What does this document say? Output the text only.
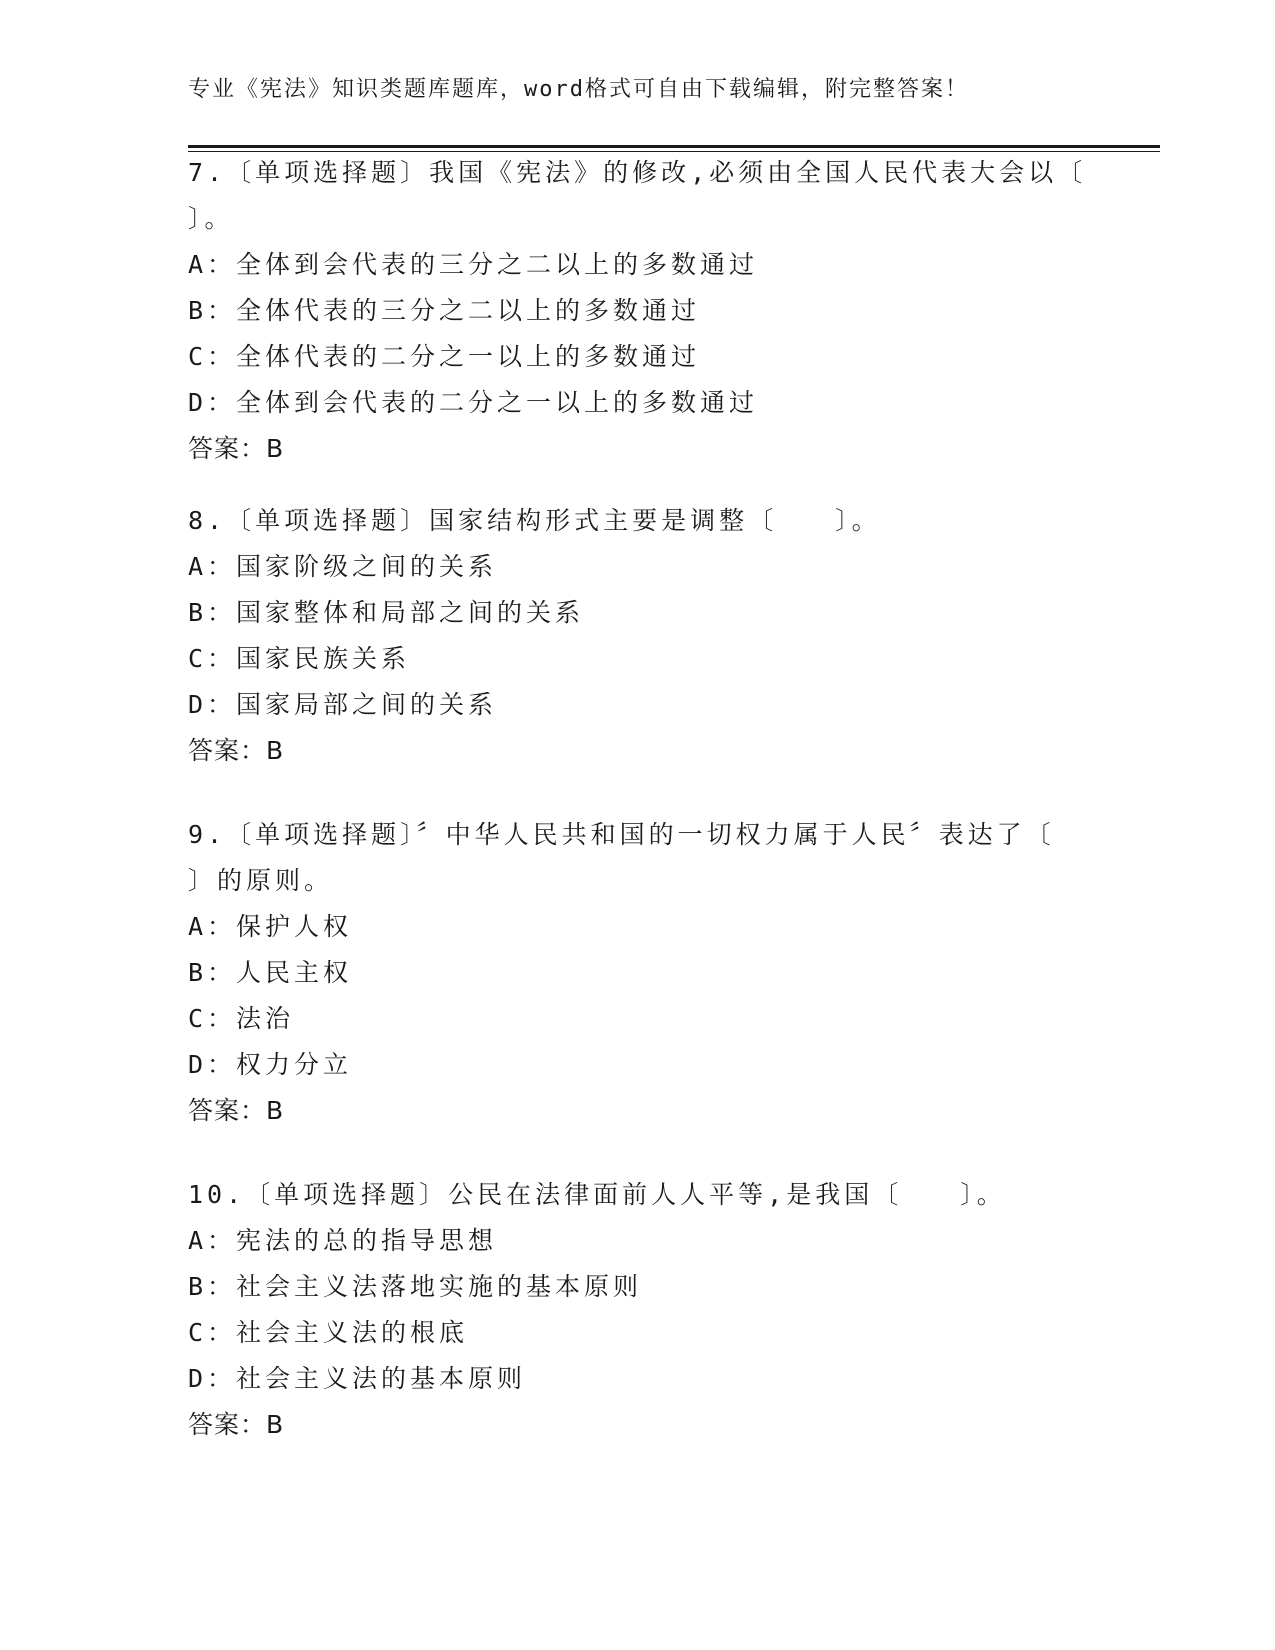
专业《宪法》知识类题库题库，word格式可自由下载编辑，附完整答案！

7.〔单项选择题〕我国《宪法》的修改,必须由全国人民代表大会以〔

〕。

A：全体到会代表的三分之二以上的多数通过

B：全体代表的三分之二以上的多数通过

C：全体代表的二分之一以上的多数通过

D：全体到会代表的二分之一以上的多数通过

答案：B

8.〔单项选择题〕国家结构形式主要是调整〔　　〕。

A：国家阶级之间的关系

B：国家整体和局部之间的关系

C：国家民族关系

D：国家局部之间的关系

答案：B

9.〔单项选择题〕〞中华人民共和国的一切权力属于人民〞表达了〔

〕的原则。

A：保护人权

B：人民主权

C：法治

D：权力分立

答案：B

10.〔单项选择题〕公民在法律面前人人平等,是我国〔　　〕。

A：宪法的总的指导思想

B：社会主义法落地实施的基本原则

C：社会主义法的根底

D：社会主义法的基本原则

答案：B
